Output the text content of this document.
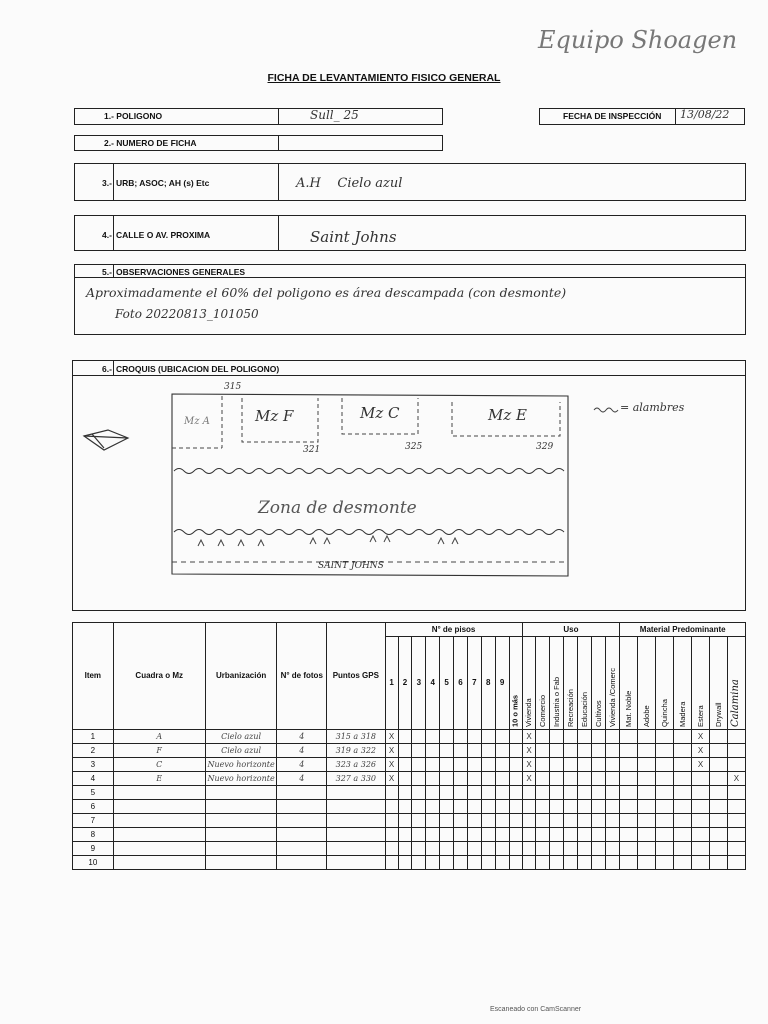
Equipo Shoagen
FICHA DE LEVANTAMIENTO FISICO GENERAL
1.- POLIGONO	Sull_ 25	FECHA DE INSPECCIÓN 13/08/22
2.- NUMERO DE FICHA
3.- URB; ASOC; AH (s) Etc	A.H    Cielo azul
4.- CALLE O AV. PROXIMA	Saint Johns
5.- OBSERVACIONES GENERALES
Aproximadamente el 60% del poligono es área descampada (con desmonte)
Foto 20220813_101050
6.- CROQUIS (UBICACION DEL POLIGONO)
315
Mz A	Mz F	Mz C	Mz E
321	325	329
= alambres
Zona de desmonte
SAINT JOHNS
Item	Cuadra o Mz	Urbanización	N° de fotos	Puntos GPS	N° de pisos										Uso							Material Predominante						
					1	2	3	4	5	6	7	8	9	10 o más	Vivienda	Comercio	Industria o Fab	Recreación	Educación	Cultivos	Vivienda /Comerc	Mat. Noble	Adobe	Quincha	Madera	Estera	Drywall	Calamina
1	A	Cielo azul	4	315 a 318	X										X											X		
2	F	Cielo azul	4	319 a 322	X										X											X		
3	C	Nuevo horizonte	4	323 a 326	X										X											X		
4	E	Nuevo horizonte	4	327 a 330	X										X													X
5																												
6																												
7																												
8																												
9																												
10																												
Escaneado con CamScanner
